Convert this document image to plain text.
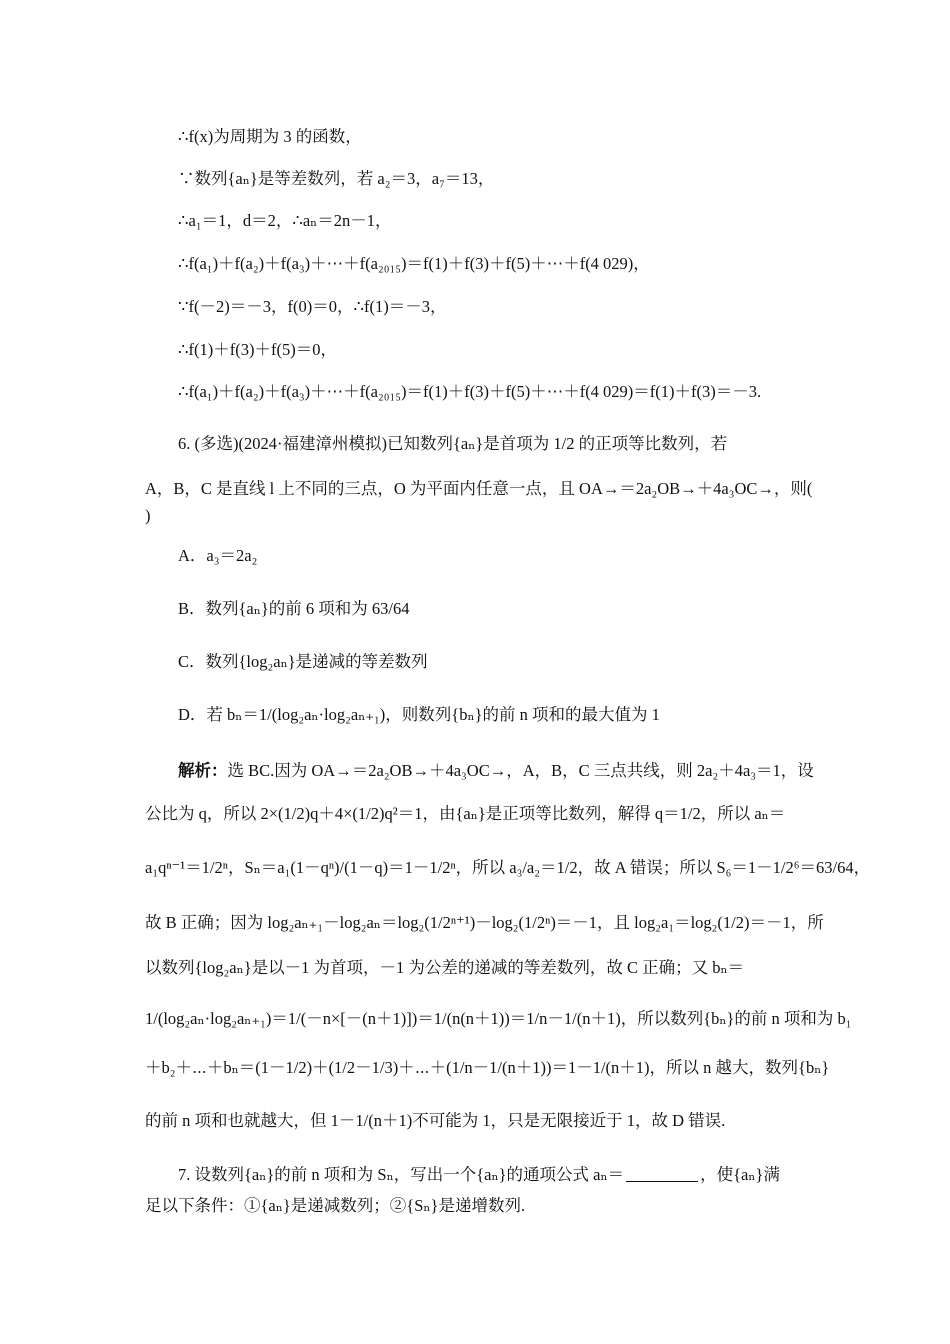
∴f(x)为周期为 3 的函数，
∵数列{aₙ}是等差数列，若 a₂＝3，a₇＝13，
∴a₁＝1，d＝2，∴aₙ＝2n－1，
∴f(a₁)＋f(a₂)＋f(a₃)＋⋯＋f(a₂₀₁₅)＝f(1)＋f(3)＋f(5)＋⋯＋f(4 029)，
∵f(－2)＝－3，f(0)＝0，∴f(1)＝－3，
∴f(1)＋f(3)＋f(5)＝0，
∴f(a₁)＋f(a₂)＋f(a₃)＋⋯＋f(a₂₀₁₅)＝f(1)＋f(3)＋f(5)＋⋯＋f(4 029)＝f(1)＋f(3)＝－3.
6. (多选)(2024·福建漳州模拟)已知数列{aₙ}是首项为 1/2 的正项等比数列，若
A，B，C 是直线 l 上不同的三点，O 为平面内任意一点，且 OA→＝2a₂OB→＋4a₃OC→，则(
)
A．a₃＝2a₂
B．数列{aₙ}的前 6 项和为 63/64
C．数列{log₂aₙ}是递减的等差数列
D．若 bₙ＝1/(log₂aₙ·log₂aₙ₊₁)，则数列{bₙ}的前 n 项和的最大值为 1
解析：选 BC.因为 OA→＝2a₂OB→＋4a₃OC→，A，B，C 三点共线，则 2a₂＋4a₃＝1，设
公比为 q，所以 2×(1/2)q＋4×(1/2)q²＝1，由{aₙ}是正项等比数列，解得 q＝1/2，所以 aₙ＝
a₁qⁿ⁻¹＝1/2ⁿ，Sₙ＝a₁(1－qⁿ)/(1－q)＝1－1/2ⁿ，所以 a₃/a₂＝1/2，故 A 错误；所以 S₆＝1－1/2⁶＝63/64，
故 B 正确；因为 log₂aₙ₊₁－log₂aₙ＝log₂(1/2ⁿ⁺¹)－log₂(1/2ⁿ)＝－1，且 log₂a₁＝log₂(1/2)＝－1，所
以数列{log₂aₙ}是以－1 为首项，－1 为公差的递减的等差数列，故 C 正确；又 bₙ＝
1/(log₂aₙ·log₂aₙ₊₁)＝1/(－n×[－(n＋1)])＝1/(n(n＋1))＝1/n－1/(n＋1)，所以数列{bₙ}的前 n 项和为 b₁
＋b₂＋⋯＋bₙ＝(1－1/2)＋(1/2－1/3)＋⋯＋(1/n－1/(n＋1))＝1－1/(n＋1)，所以 n 越大，数列{bₙ}
的前 n 项和也就越大，但 1－1/(n＋1)不可能为 1，只是无限接近于 1，故 D 错误.
7. 设数列{aₙ}的前 n 项和为 Sₙ，写出一个{aₙ}的通项公式 aₙ＝	，使{aₙ}满
足以下条件：①{aₙ}是递减数列；②{Sₙ}是递增数列.
